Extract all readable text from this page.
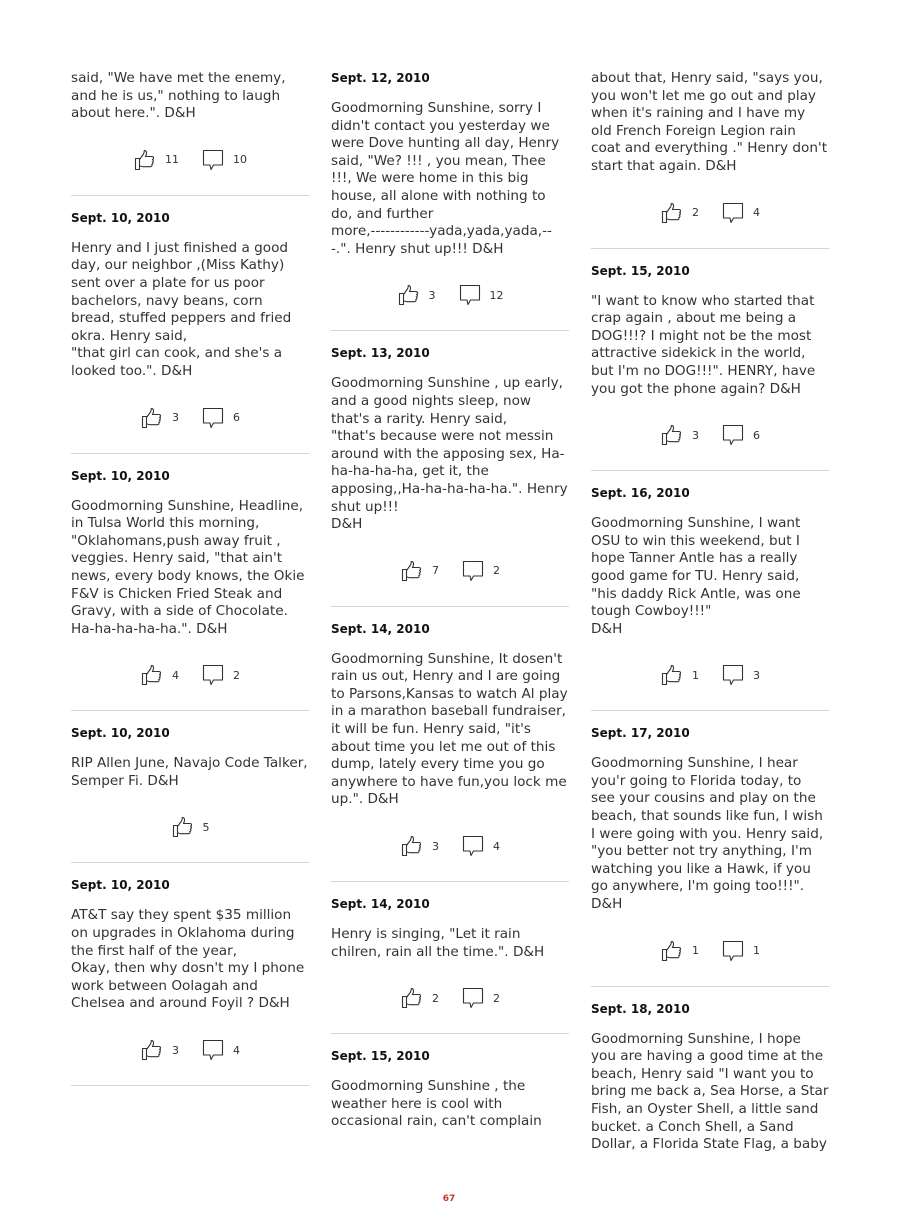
said, "We have met the enemy, and he is us," nothing to laugh about here.". D&H

11	10
Sept. 10, 2010

Henry and I just finished a good day, our neighbor ,(Miss Kathy) sent over a plate for us poor bachelors, navy beans, corn bread, stuffed peppers and fried okra. Henry said,
"that girl can cook, and she's a looked too.". D&H

3	6
Sept. 10, 2010

Goodmorning Sunshine, Headline, in Tulsa World this morning, "Oklahomans,push away fruit , veggies. Henry said, "that ain't news, every body knows, the Okie F&V is Chicken Fried Steak and Gravy, with a side of Chocolate. Ha-ha-ha-ha-ha.". D&H

4	2
Sept. 10, 2010

RIP Allen June, Navajo Code Talker, Semper Fi. D&H

5
Sept. 10, 2010

AT&T say they spent $35 million on upgrades in Oklahoma during the first half of the year,
Okay, then why dosn't my I phone work between Oolagah and Chelsea and around Foyil ? D&H

3	4
Sept. 12, 2010

Goodmorning Sunshine, sorry I didn't contact you yesterday we were Dove hunting all day, Henry said, "We? !!! , you mean, Thee !!!, We were home in this big house, all alone with nothing to do, and further
more,------------yada,yada,yada,---.". Henry shut up!!! D&H

3	12
Sept. 13, 2010

Goodmorning Sunshine , up early, and a good nights sleep, now that's a rarity. Henry said,
"that's because were not messin around with the apposing sex, Ha-ha-ha-ha-ha, get it, the apposing,,Ha-ha-ha-ha-ha.". Henry shut up!!!
D&H

7	2
Sept. 14, 2010

Goodmorning Sunshine, It dosen't rain us out, Henry and I are going to Parsons,Kansas to watch Al play in a marathon baseball fundraiser, it will be fun. Henry said, "it's about time you let me out of this dump, lately every time you go anywhere to have fun,you lock me up.". D&H

3	4
Sept. 14, 2010

Henry is singing, "Let it rain chilren, rain all the time.". D&H

2	2
Sept. 15, 2010

Goodmorning Sunshine , the weather here is cool with occasional rain, can't complain

about that, Henry said, "says you, you won't let me go out and play when it's raining and I have my old French Foreign Legion rain coat and everything ." Henry don't start that again. D&H

2	4
Sept. 15, 2010

"I want to know who started that crap again , about me being a DOG!!!? I might not be the most attractive sidekick in the world, but I'm no DOG!!!". HENRY, have you got the phone again? D&H

3	6
Sept. 16, 2010

Goodmorning Sunshine, I want OSU to win this weekend, but I hope Tanner Antle has a really good game for TU. Henry said, "his daddy Rick Antle, was one tough Cowboy!!!"
D&H

1	3
Sept. 17, 2010

Goodmorning Sunshine, I hear you'r going to Florida today, to see your cousins and play on the beach, that sounds like fun, I wish I were going with you. Henry said, "you better not try anything, I'm watching you like a Hawk, if you go anywhere, I'm going too!!!". D&H

1	1
Sept. 18, 2010

Goodmorning Sunshine, I hope you are having a good time at the beach, Henry said "I want you to bring me back a, Sea Horse, a Star Fish, an Oyster Shell, a little sand bucket. a Conch Shell, a Sand Dollar, a Florida State Flag, a baby

67
